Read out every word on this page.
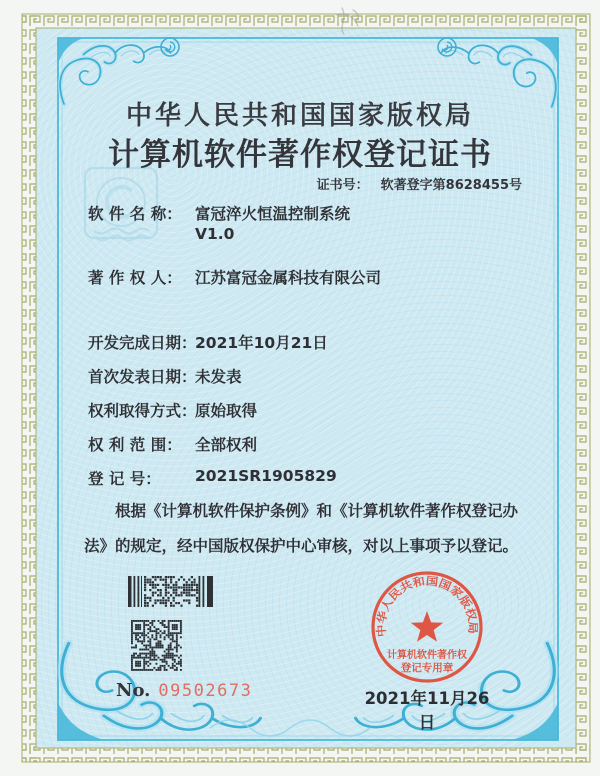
中华人民共和国国家版权局
计算机软件著作权登记证书
证书号： 软著登字第8628455号
软 件 名 称： 富冠淬火恒温控制系统
V1.0
著 作 权 人： 江苏富冠金属科技有限公司
开发完成日期：
2021年10月21日
首次发表日期：
未发表
权利取得方式：
原始取得
权 利 范 围： 全部权利
登 记 号： 2021SR1905829
根据《计算机软件保护条例》和《计算机软件著作权登记办法》的规定，经中国版权保护中心审核，对以上事项予以登记。
No. 09502673
中华人民共和国国家版权局
计算机软件著作权
登记专用章
2021年11月26日
